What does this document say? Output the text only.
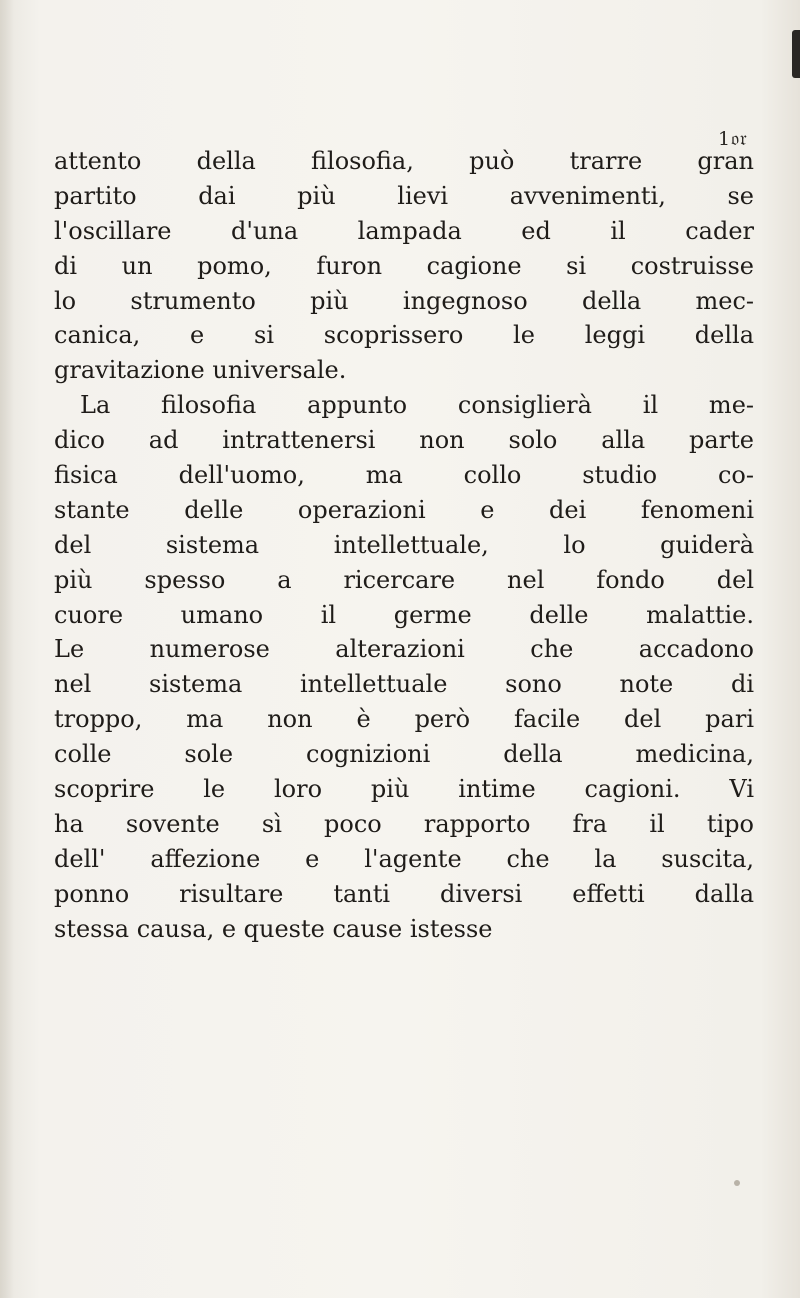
1𝔬𝔯
attento della filosofia, può trarre gran
partito dai più lievi avvenimenti, se
l'oscillare d'una lampada ed il cader
di un pomo, furon cagione si costruisse
lo strumento più ingegnoso della mec-
canica, e si scoprissero le leggi della
gravitazione universale.
La filosofia appunto consiglierà il me-
dico ad intrattenersi non solo alla parte
fisica dell'uomo, ma collo studio co-
stante delle operazioni e dei fenomeni
del sistema intellettuale, lo guiderà
più spesso a ricercare nel fondo del
cuore umano il germe delle malattie.
Le numerose alterazioni che accadono
nel sistema intellettuale sono note di
troppo, ma non è però facile del pari
colle sole cognizioni della medicina,
scoprire le loro più intime cagioni. Vi
ha sovente sì poco rapporto fra il tipo
dell' affezione e l'agente che la suscita,
ponno risultare tanti diversi effetti dalla
stessa causa, e queste cause istesse
